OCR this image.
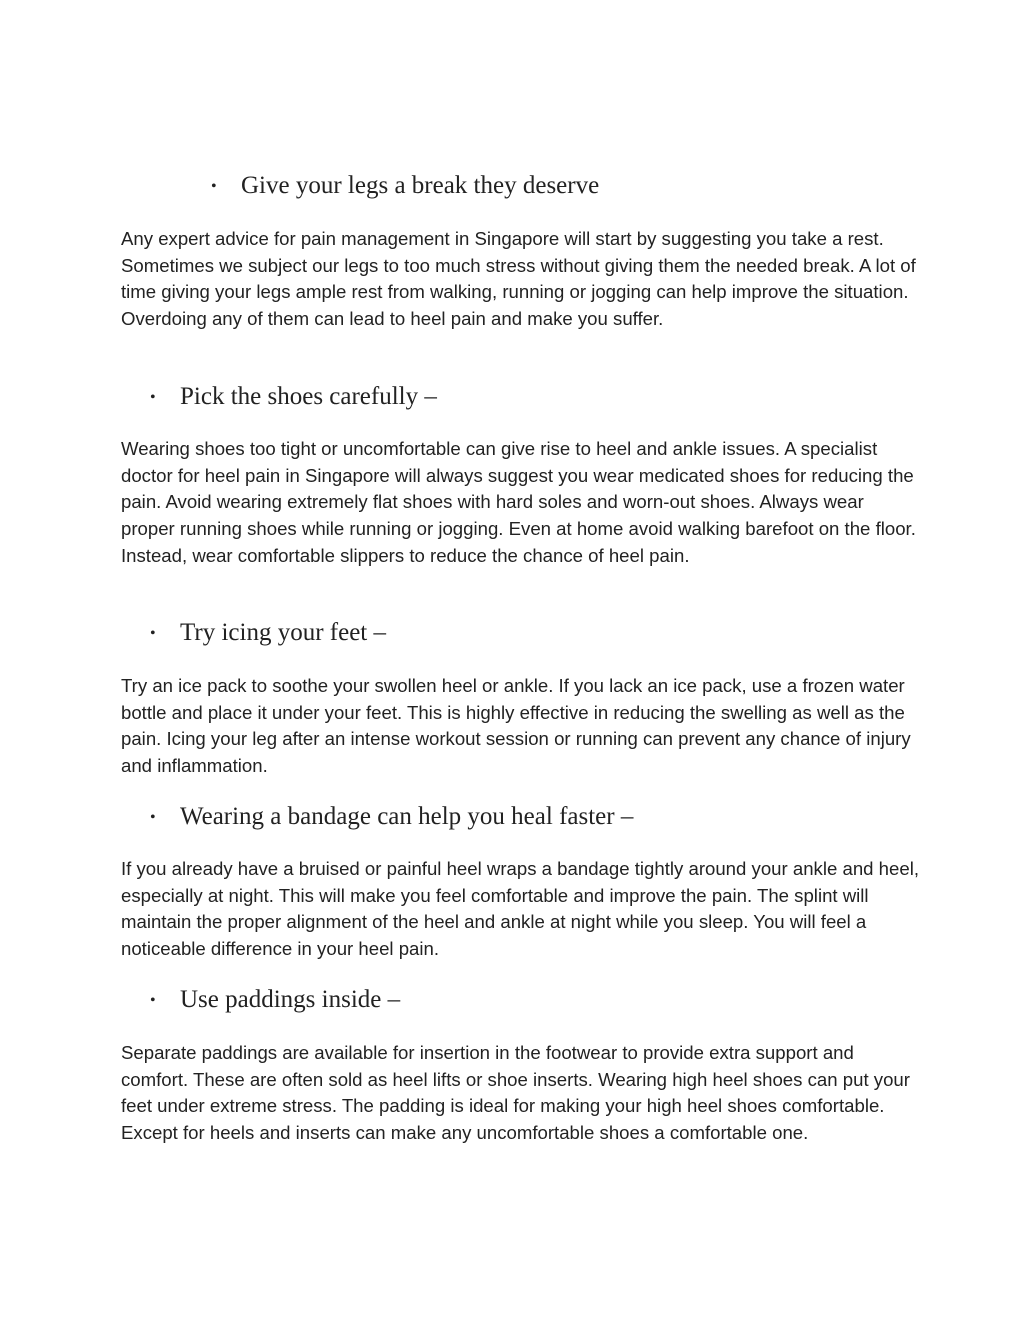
• Give your legs a break they deserve
Any expert advice for pain management in Singapore will start by suggesting you take a rest. Sometimes we subject our legs to too much stress without giving them the needed break. A lot of time giving your legs ample rest from walking, running or jogging can help improve the situation. Overdoing any of them can lead to heel pain and make you suffer.
• Pick the shoes carefully –
Wearing shoes too tight or uncomfortable can give rise to heel and ankle issues. A specialist doctor for heel pain in Singapore will always suggest you wear medicated shoes for reducing the pain. Avoid wearing extremely flat shoes with hard soles and worn-out shoes. Always wear proper running shoes while running or jogging. Even at home avoid walking barefoot on the floor. Instead, wear comfortable slippers to reduce the chance of heel pain.
• Try icing your feet –
Try an ice pack to soothe your swollen heel or ankle. If you lack an ice pack, use a frozen water bottle and place it under your feet. This is highly effective in reducing the swelling as well as the pain. Icing your leg after an intense workout session or running can prevent any chance of injury and inflammation.
• Wearing a bandage can help you heal faster –
If you already have a bruised or painful heel wraps a bandage tightly around your ankle and heel, especially at night. This will make you feel comfortable and improve the pain. The splint will maintain the proper alignment of the heel and ankle at night while you sleep. You will feel a noticeable difference in your heel pain.
• Use paddings inside –
Separate paddings are available for insertion in the footwear to provide extra support and comfort. These are often sold as heel lifts or shoe inserts. Wearing high heel shoes can put your feet under extreme stress. The padding is ideal for making your high heel shoes comfortable. Except for heels and inserts can make any uncomfortable shoes a comfortable one.
